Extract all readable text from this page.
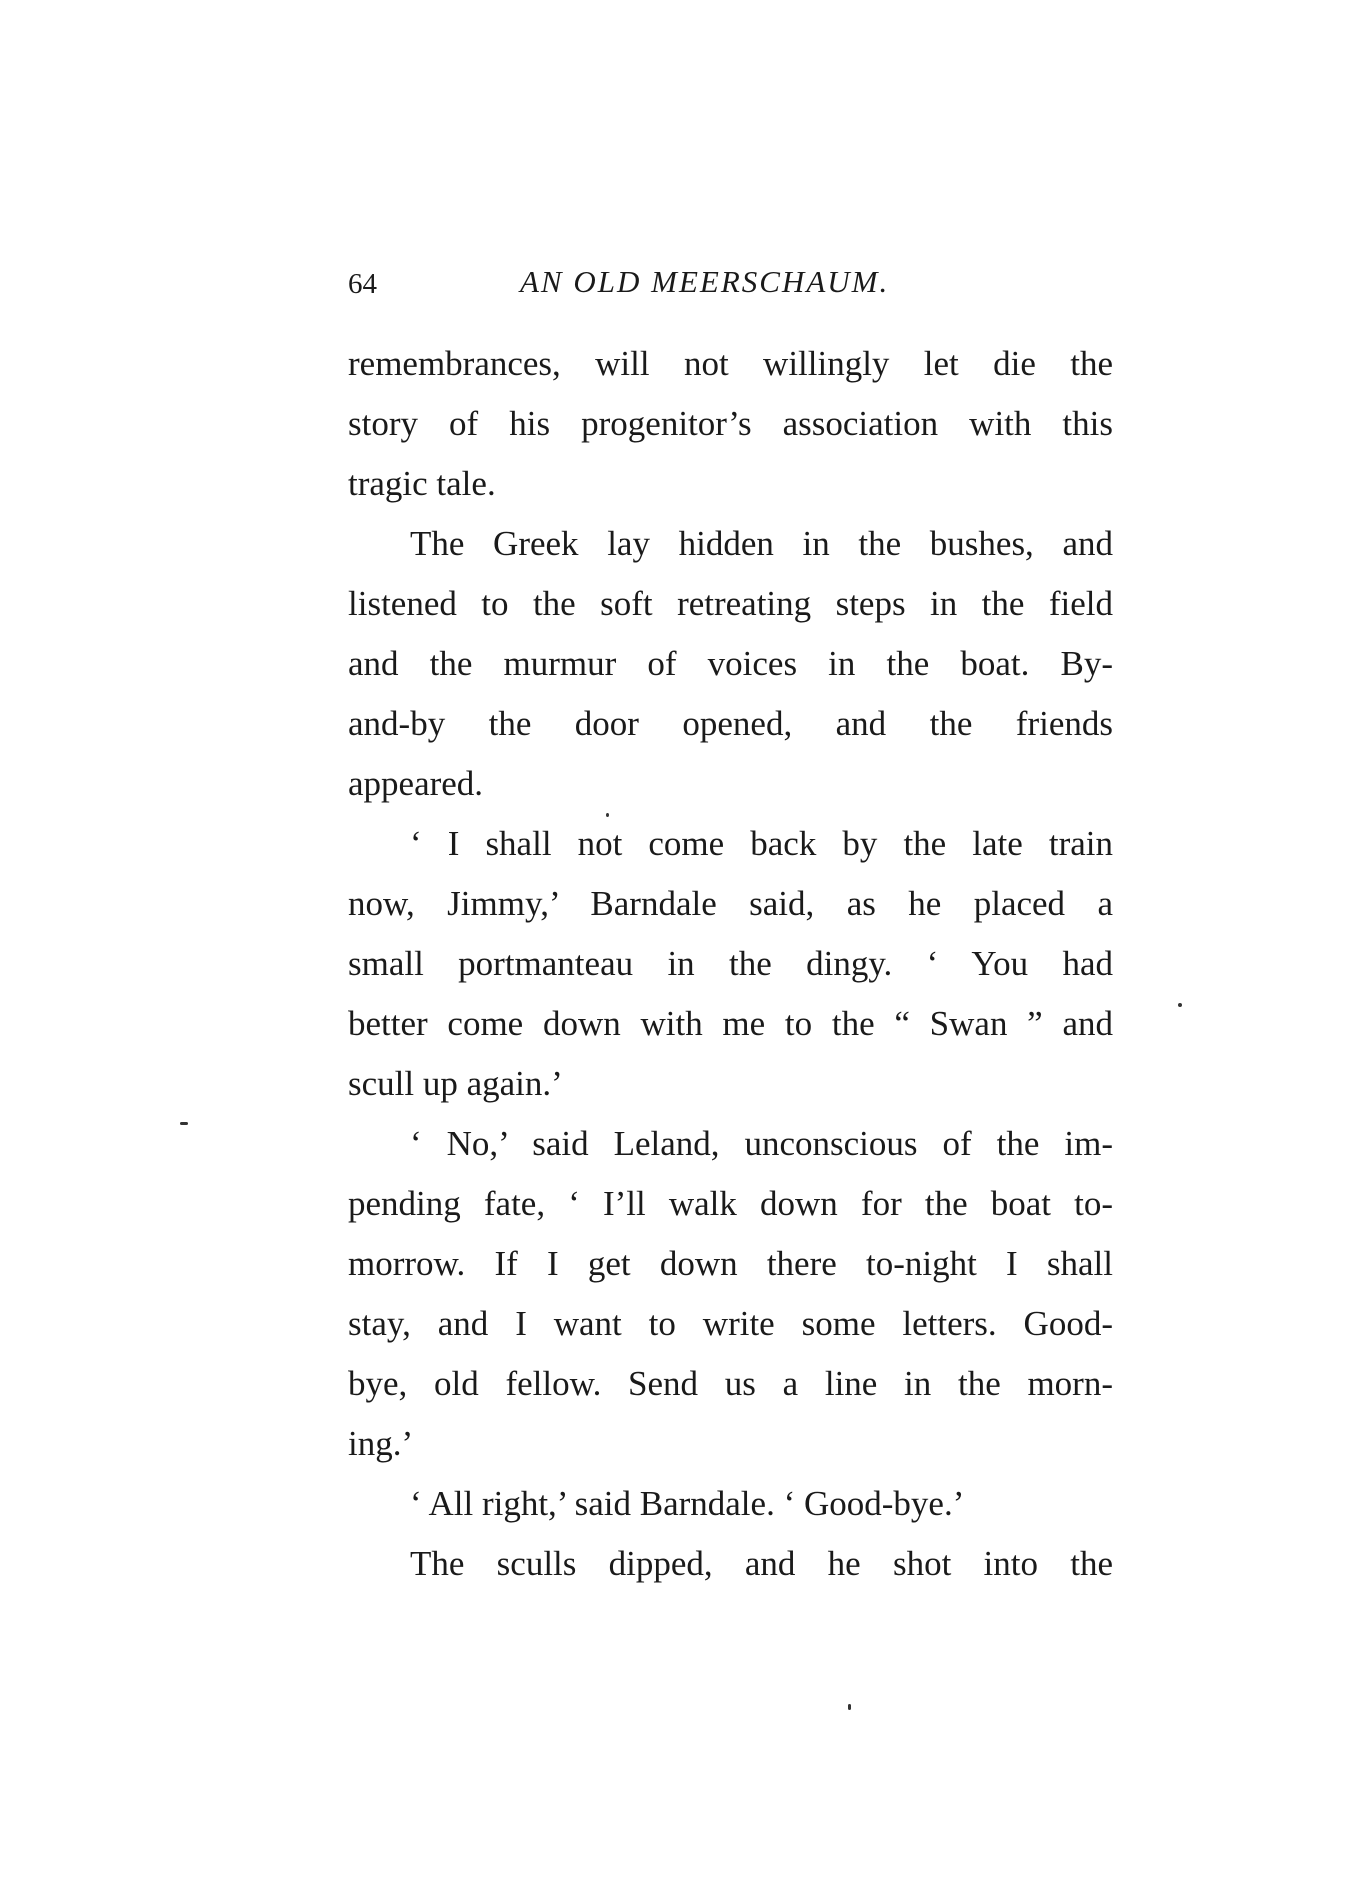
64	AN OLD MEERSCHAUM.
remembrances, will not willingly let die the
story of his progenitor’s association with this
tragic tale.
The Greek lay hidden in the bushes, and
listened to the soft retreating steps in the field
and the murmur of voices in the boat. By-
and-by the door opened, and the friends
appeared.
‘ I shall not come back by the late train
now, Jimmy,’ Barndale said, as he placed a
small portmanteau in the dingy. ‘ You had
better come down with me to the “ Swan ” and
scull up again.’
‘ No,’ said Leland, unconscious of the im-
pending fate, ‘ I’ll walk down for the boat to-
morrow. If I get down there to-night I shall
stay, and I want to write some letters. Good-
bye, old fellow. Send us a line in the morn-
ing.’
‘ All right,’ said Barndale. ‘ Good-bye.’
The sculls dipped, and he shot into the
